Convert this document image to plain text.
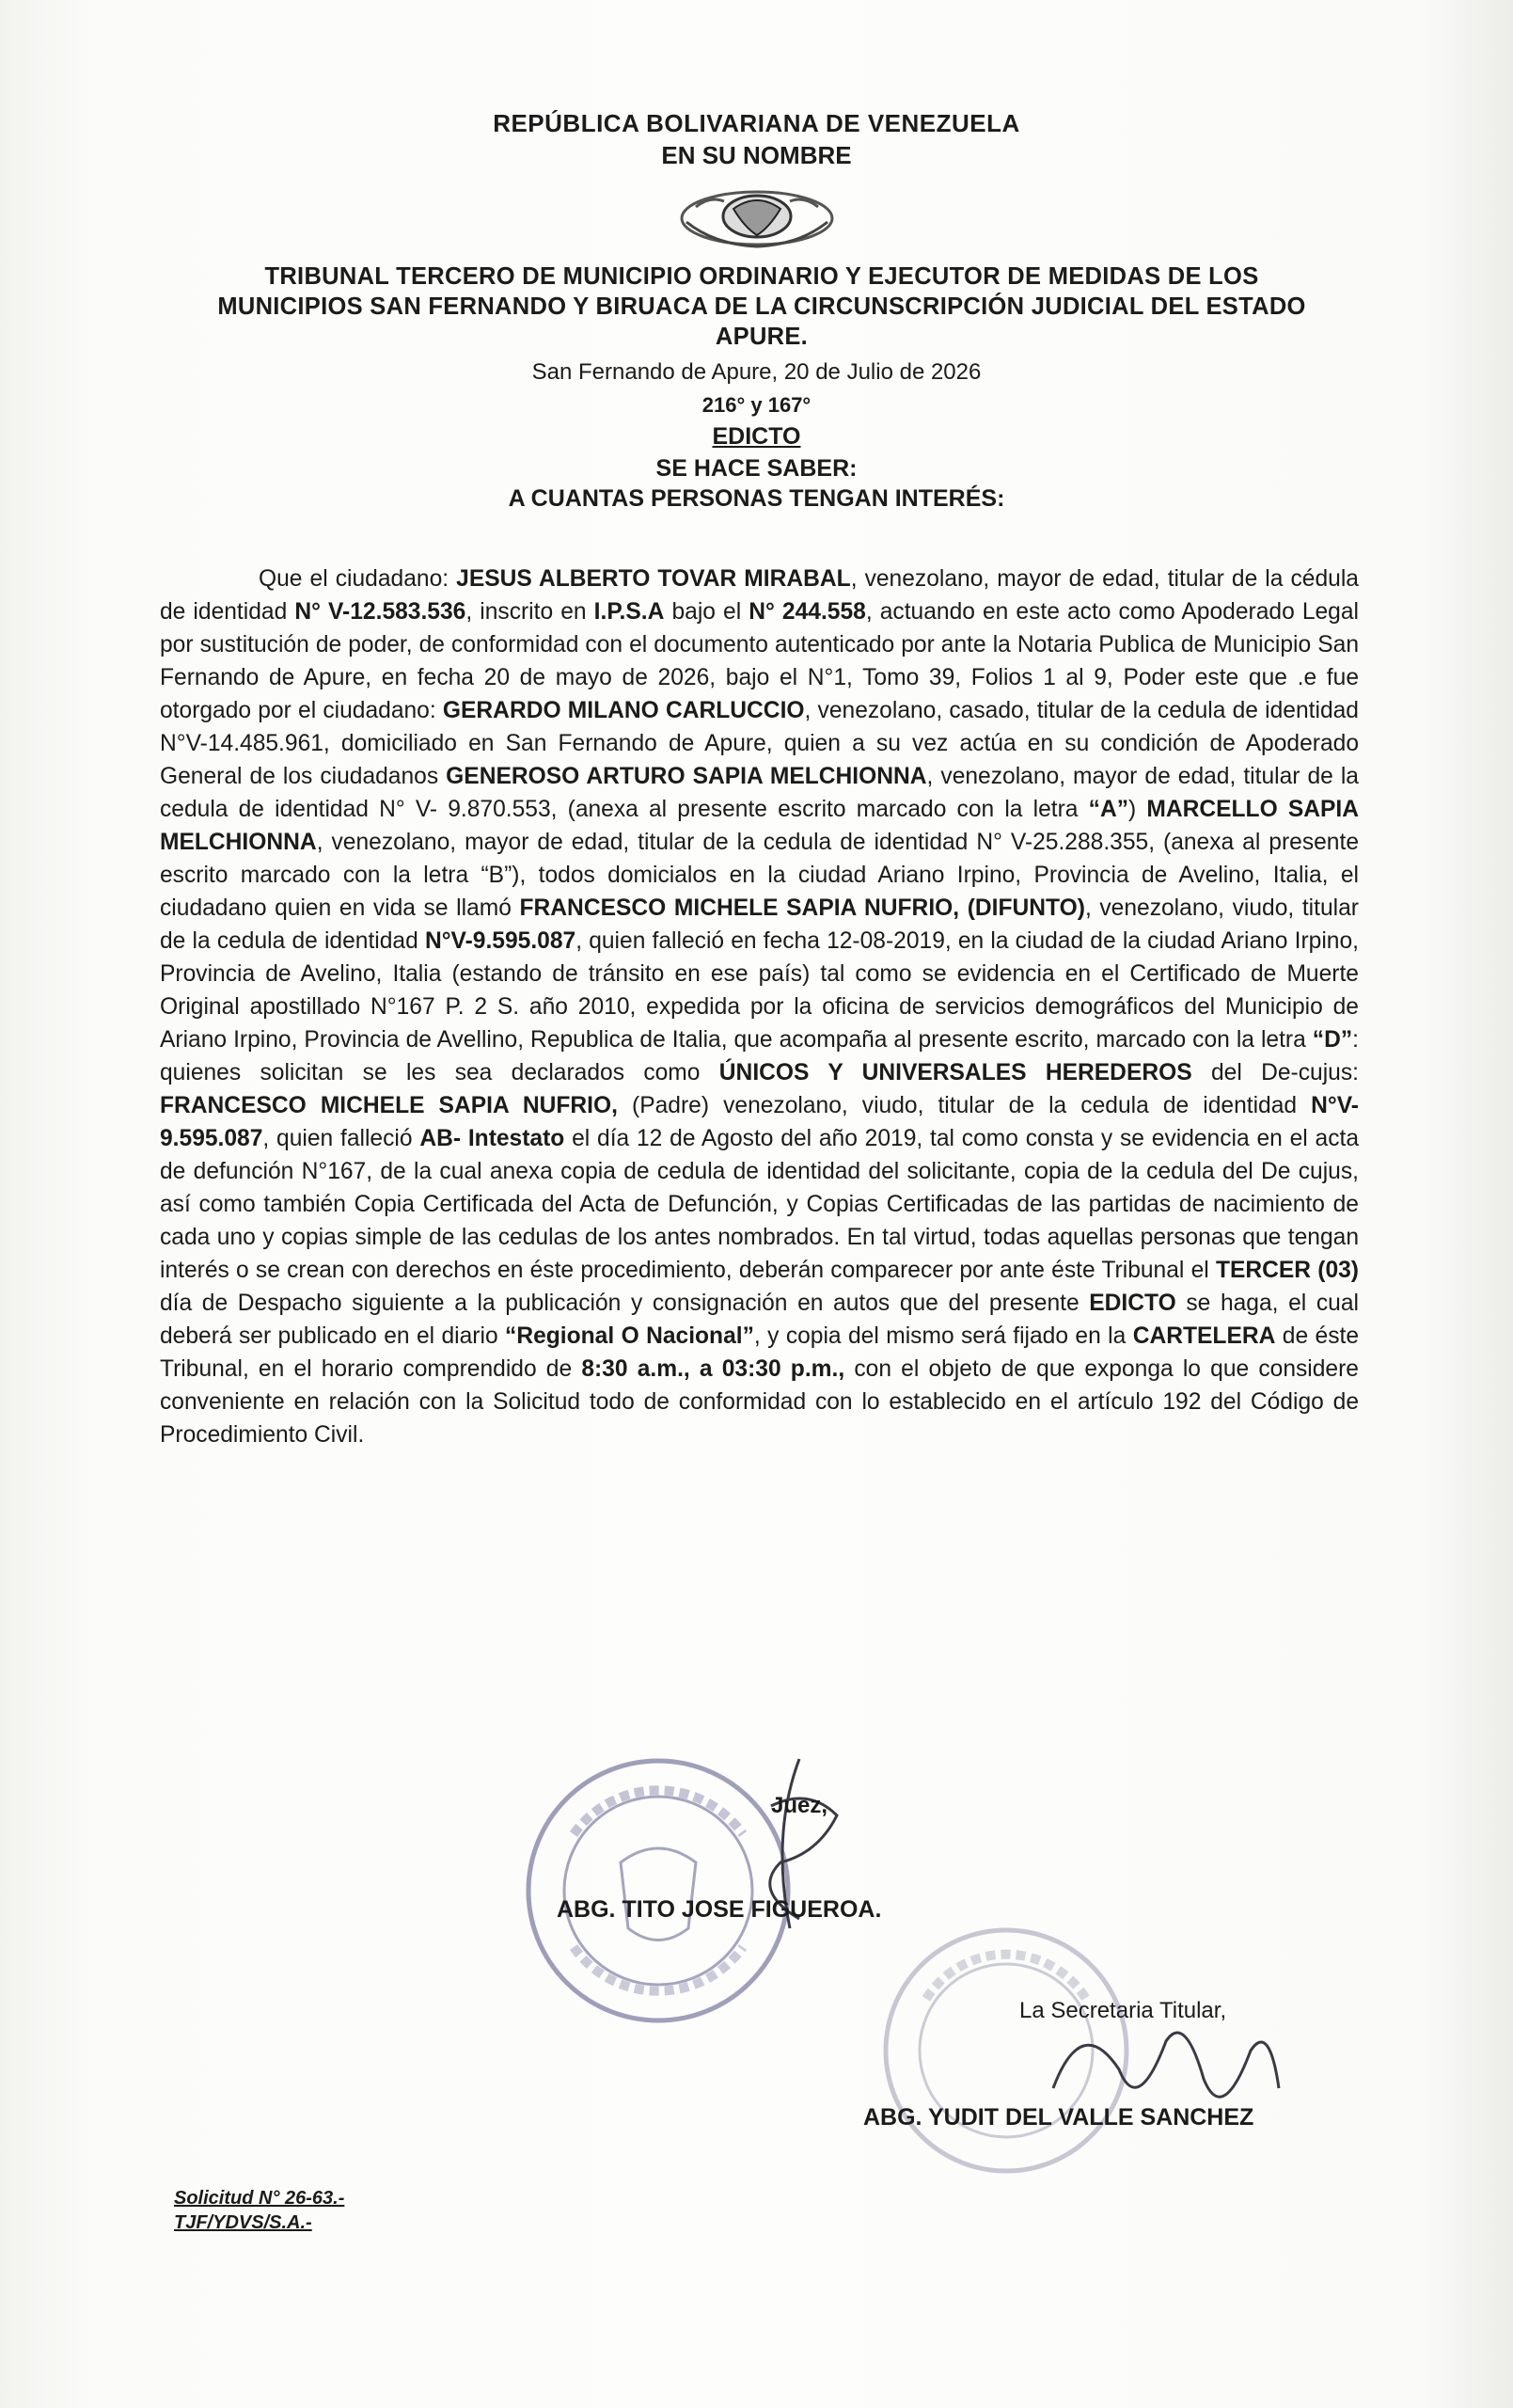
REPÚBLICA BOLIVARIANA DE VENEZUELA
EN SU NOMBRE
TRIBUNAL TERCERO DE MUNICIPIO ORDINARIO Y EJECUTOR DE MEDIDAS DE LOS MUNICIPIOS SAN FERNANDO Y BIRUACA DE LA CIRCUNSCRIPCIÓN JUDICIAL DEL ESTADO APURE.
San Fernando de Apure, 20 de Julio de 2026
216° y 167°
EDICTO
SE HACE SABER:
A CUANTAS PERSONAS TENGAN INTERÉS:
Que el ciudadano: JESUS ALBERTO TOVAR MIRABAL, venezolano, mayor de edad, titular de la cédula de identidad N° V-12.583.536, inscrito en I.P.S.A bajo el N° 244.558, actuando en este acto como Apoderado Legal por sustitución de poder, de conformidad con el documento autenticado por ante la Notaria Publica de Municipio San Fernando de Apure, en fecha 20 de mayo de 2026, bajo el N°1, Tomo 39, Folios 1 al 9, Poder este que .e fue otorgado por el ciudadano: GERARDO MILANO CARLUCCIO, venezolano, casado, titular de la cedula de identidad N°V-14.485.961, domiciliado en San Fernando de Apure, quien a su vez actúa en su condición de Apoderado General de los ciudadanos GENEROSO ARTURO SAPIA MELCHIONNA, venezolano, mayor de edad, titular de la cedula de identidad N° V- 9.870.553, (anexa al presente escrito marcado con la letra “A”) MARCELLO SAPIA MELCHIONNA, venezolano, mayor de edad, titular de la cedula de identidad N° V-25.288.355, (anexa al presente escrito marcado con la letra “B”), todos domicialos en la ciudad Ariano Irpino, Provincia de Avelino, Italia, el ciudadano quien en vida se llamó FRANCESCO MICHELE SAPIA NUFRIO, (DIFUNTO), venezolano, viudo, titular de la cedula de identidad N°V-9.595.087, quien falleció en fecha 12-08-2019, en la ciudad de la ciudad Ariano Irpino, Provincia de Avelino, Italia (estando de tránsito en ese país) tal como se evidencia en el Certificado de Muerte Original apostillado N°167 P. 2 S. año 2010, expedida por la oficina de servicios demográficos del Municipio de Ariano Irpino, Provincia de Avellino, Republica de Italia, que acompaña al presente escrito, marcado con la letra “D”: quienes solicitan se les sea declarados como ÚNICOS Y UNIVERSALES HEREDEROS del De-cujus: FRANCESCO MICHELE SAPIA NUFRIO, (Padre) venezolano, viudo, titular de la cedula de identidad N°V-9.595.087, quien falleció AB- Intestato el día 12 de Agosto del año 2019, tal como consta y se evidencia en el acta de defunción N°167, de la cual anexa copia de cedula de identidad del solicitante, copia de la cedula del De cujus, así como también Copia Certificada del Acta de Defunción, y Copias Certificadas de las partidas de nacimiento de cada uno y copias simple de las cedulas de los antes nombrados. En tal virtud, todas aquellas personas que tengan interés o se crean con derechos en éste procedimiento, deberán comparecer por ante éste Tribunal el TERCER (03) día de Despacho siguiente a la publicación y consignación en autos que del presente EDICTO se haga, el cual deberá ser publicado en el diario “Regional O Nacional”, y copia del mismo será fijado en la CARTELERA de éste Tribunal, en el horario comprendido de 8:30 a.m., a 03:30 p.m., con el objeto de que exponga lo que considere conveniente en relación con la Solicitud todo de conformidad con lo establecido en el artículo 192 del Código de Procedimiento Civil.
Juez,
ABG. TITO JOSE FIGUEROA.
La Secretaria Titular,
ABG. YUDIT DEL VALLE SANCHEZ
Solicitud N° 26-63.-
TJF/YDVS/S.A.-
